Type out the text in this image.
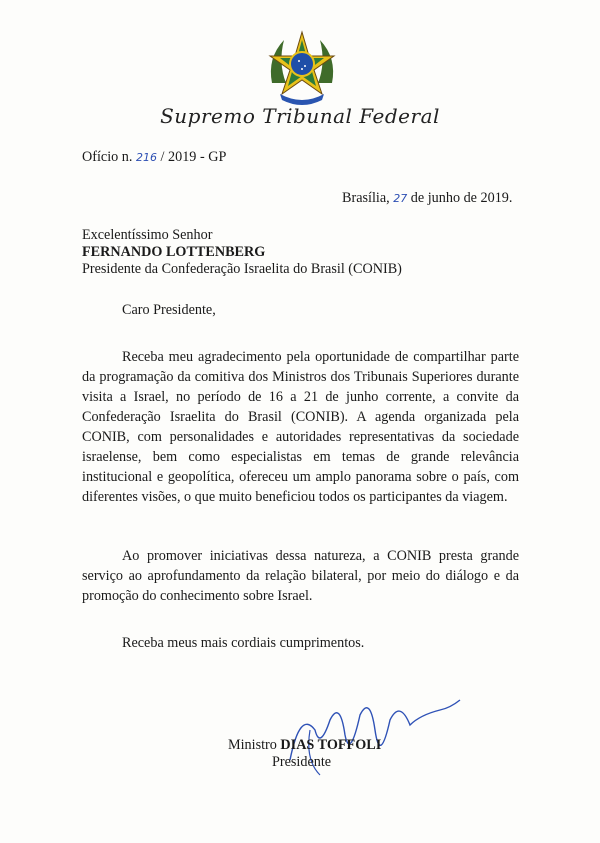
Supremo Tribunal Federal
Ofício n. 216 / 2019 - GP
Brasília, 27 de junho de 2019.
Excelentíssimo Senhor
FERNANDO LOTTENBERG
Presidente da Confederação Israelita do Brasil (CONIB)
Caro Presidente,
Receba meu agradecimento pela oportunidade de compartilhar parte da programação da comitiva dos Ministros dos Tribunais Superiores durante visita a Israel, no período de 16 a 21 de junho corrente, a convite da Confederação Israelita do Brasil (CONIB). A agenda organizada pela CONIB, com personalidades e autoridades representativas da sociedade israelense, bem como especialistas em temas de grande relevância institucional e geopolítica, ofereceu um amplo panorama sobre o país, com diferentes visões, o que muito beneficiou todos os participantes da viagem.
Ao promover iniciativas dessa natureza, a CONIB presta grande serviço ao aprofundamento da relação bilateral, por meio do diálogo e da promoção do conhecimento sobre Israel.
Receba meus mais cordiais cumprimentos.
Ministro DIAS TOFFOLI
Presidente
